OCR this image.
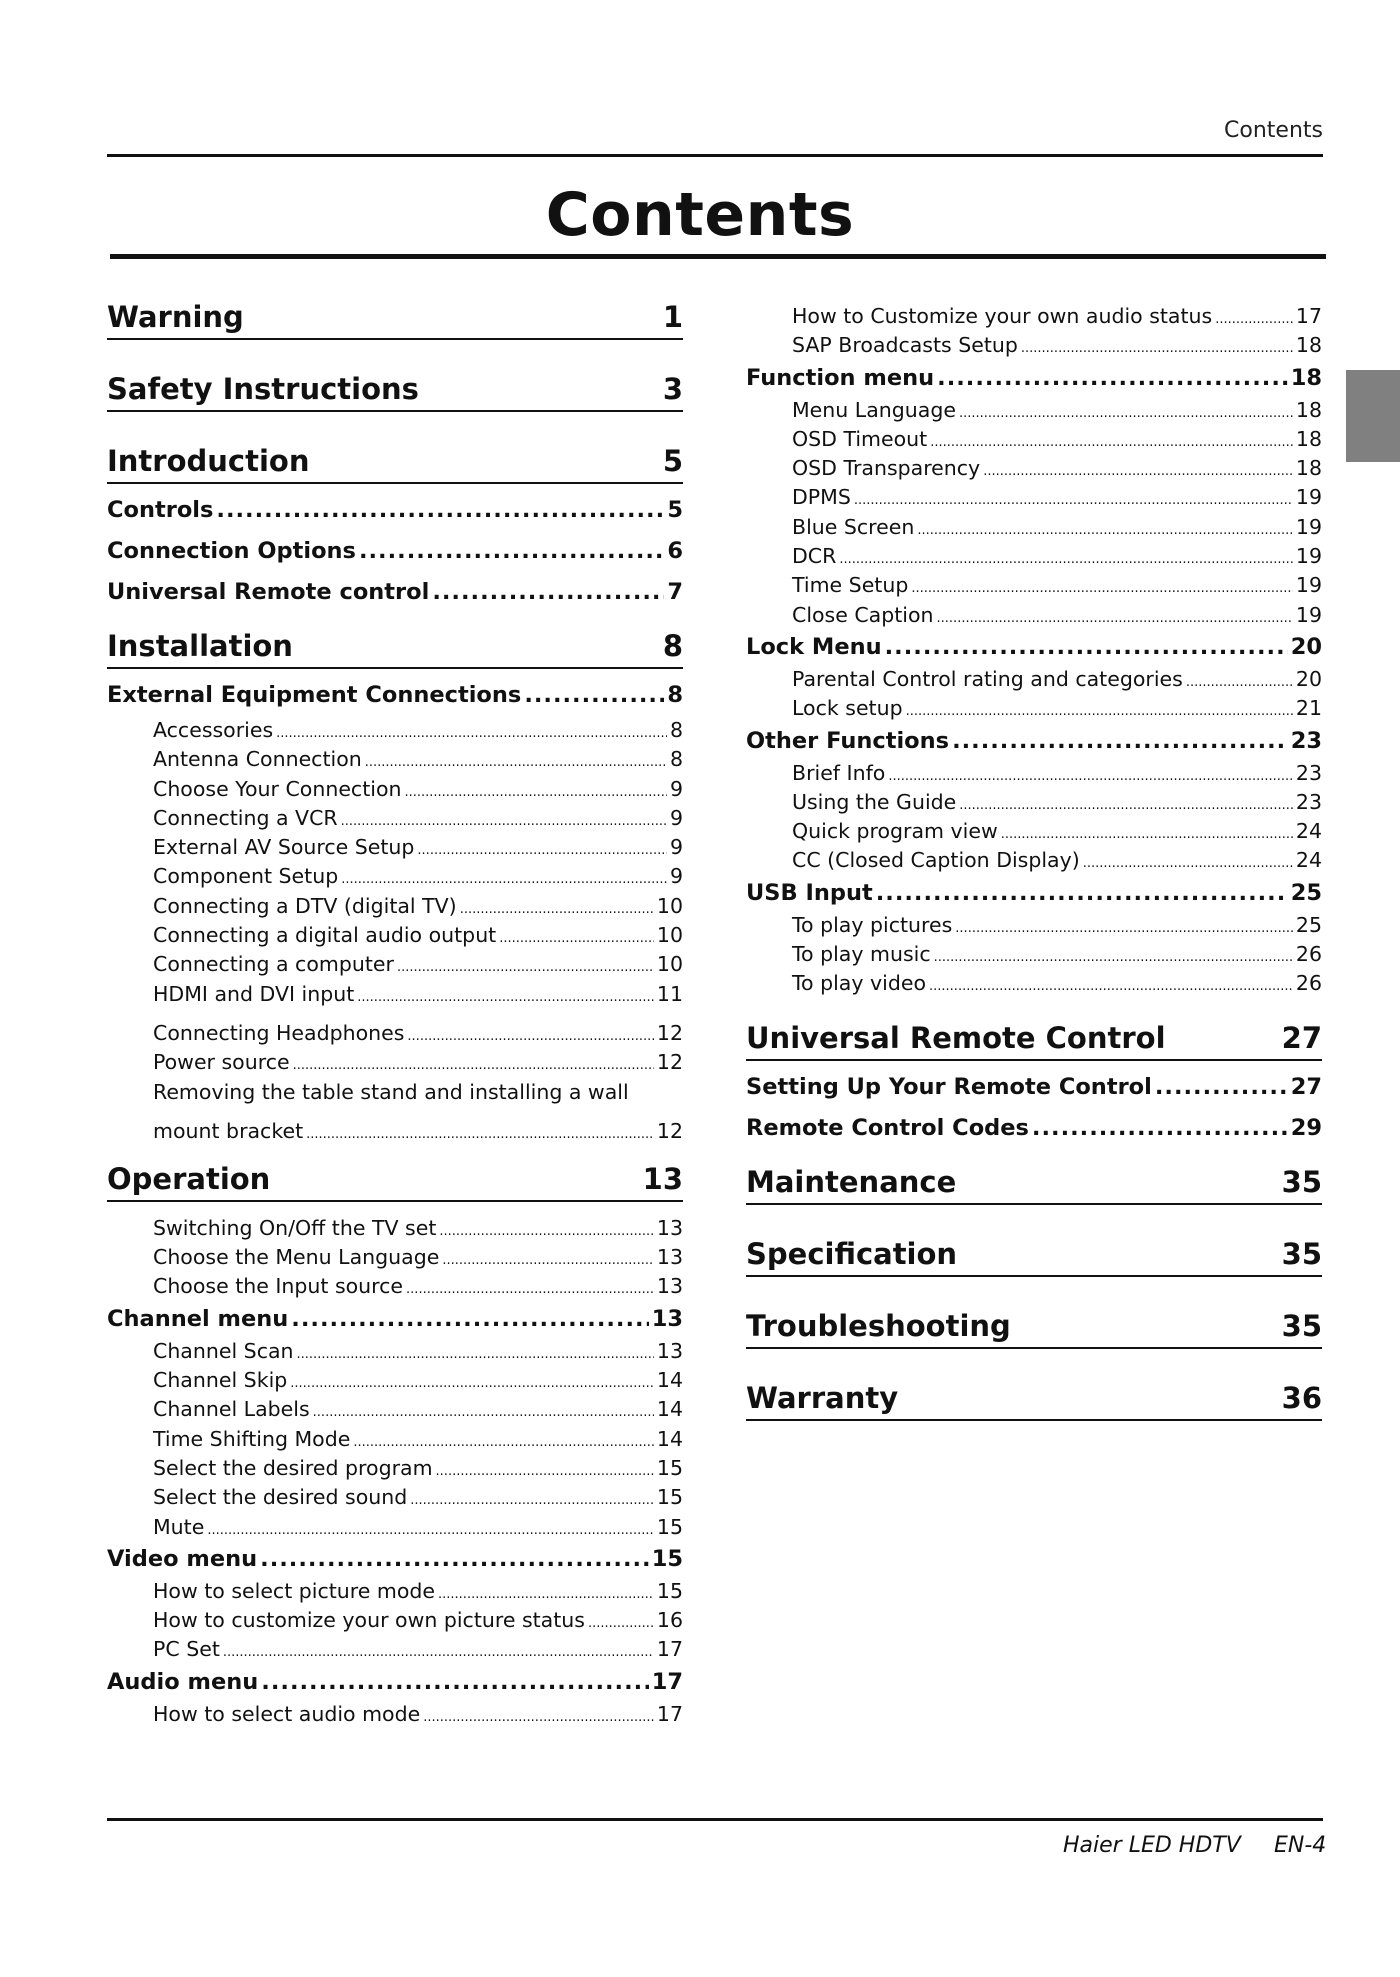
Contents
Contents
Warning	1
Safety Instructions	3
Introduction	5
Controls .....	5
Connection Options .....	6
Universal Remote control .....	7
Installation	8
External Equipment Connections .....	8
Accessories .....	8
Antenna Connection .....	8
Choose Your Connection .....	9
Connecting a VCR .....	9
External AV Source Setup .....	9
Component Setup .....	9
Connecting a DTV (digital TV) .....	10
Connecting a digital audio output .....	10
Connecting a computer .....	10
HDMI and DVI input .....	11
Connecting Headphones .....	12
Power source .....	12
Removing the table stand and installing a wall
mount bracket .....	12
Operation	13
Switching On/Off the TV set .....	13
Choose the Menu Language .....	13
Choose the Input source .....	13
Channel menu .....	13
Channel Scan .....	13
Channel Skip .....	14
Channel Labels .....	14
Time Shifting Mode .....	14
Select the desired program .....	15
Select the desired sound .....	15
Mute .....	15
Video menu .....	15
How to select picture mode .....	15
How to customize your own picture status .....	16
PC Set .....	17
Audio menu .....	17
How to select audio mode .....	17
How to Customize your own audio status .....	17
SAP Broadcasts Setup .....	18
Function menu .....	18
Menu Language .....	18
OSD Timeout .....	18
OSD Transparency .....	18
DPMS .....	19
Blue Screen .....	19
DCR .....	19
Time Setup .....	19
Close Caption .....	19
Lock Menu .....	20
Parental Control rating and categories .....	20
Lock setup .....	21
Other Functions .....	23
Brief Info .....	23
Using the Guide .....	23
Quick program view .....	24
CC (Closed Caption Display) .....	24
USB Input .....	25
To play pictures .....	25
To play music .....	26
To play video .....	26
Universal Remote Control	27
Setting Up Your Remote Control .....	27
Remote Control Codes .....	29
Maintenance	35
Specification	35
Troubleshooting	35
Warranty	36
Haier LED HDTV EN-4
